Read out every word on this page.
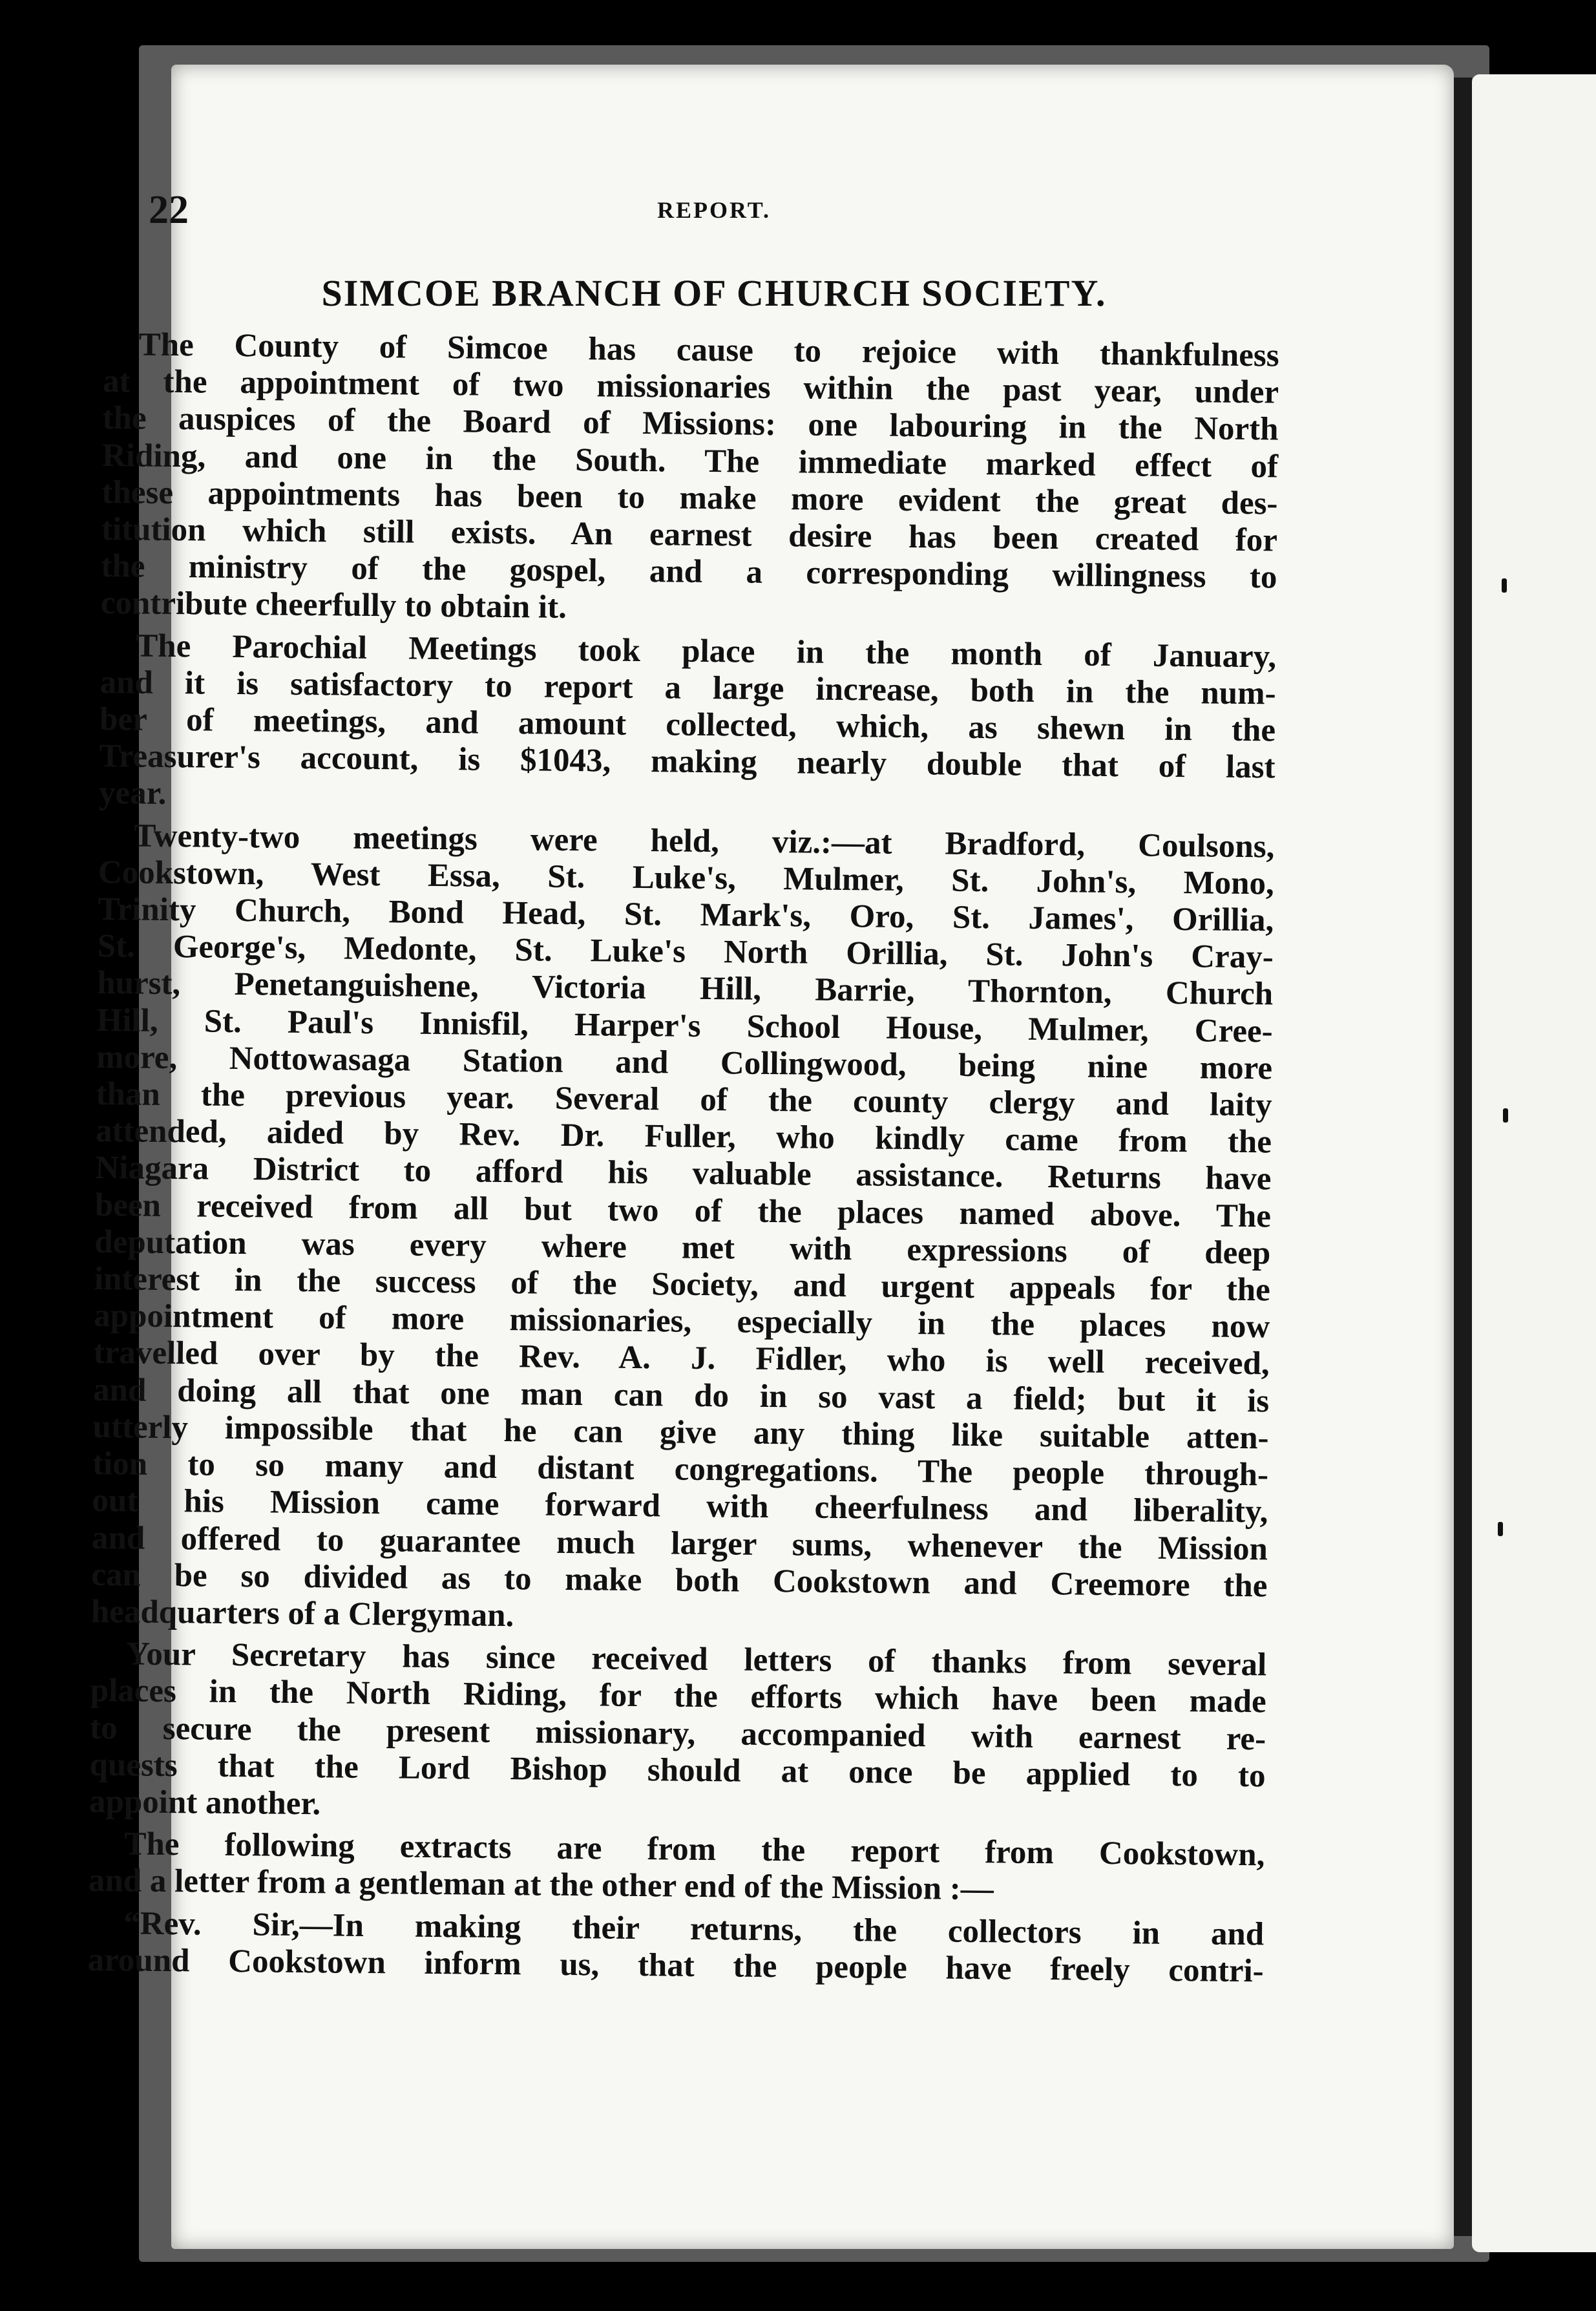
22	REPORT.
SIMCOE BRANCH OF CHURCH SOCIETY.
The County of Simcoe has cause to rejoice with thankfulness
at the appointment of two missionaries within the past year, under
the auspices of the Board of Missions: one labouring in the North
Riding, and one in the South. The immediate marked effect of
these appointments has been to make more evident the great des-
titution which still exists. An earnest desire has been created for
the ministry of the gospel, and a corresponding willingness to
contribute cheerfully to obtain it.
The Parochial Meetings took place in the month of January,
and it is satisfactory to report a large increase, both in the num-
ber of meetings, and amount collected, which, as shewn in the
Treasurer's account, is $1043, making nearly double that of last
year.
Twenty-two meetings were held, viz.:—at Bradford, Coulsons,
Cookstown, West Essa, St. Luke's, Mulmer, St. John's, Mono,
Trinity Church, Bond Head, St. Mark's, Oro, St. James', Orillia,
St. George's, Medonte, St. Luke's North Orillia, St. John's Cray-
hurst, Penetanguishene, Victoria Hill, Barrie, Thornton, Church
Hill, St. Paul's Innisfil, Harper's School House, Mulmer, Cree-
more, Nottowasaga Station and Collingwood, being nine more
than the previous year. Several of the county clergy and laity
attended, aided by Rev. Dr. Fuller, who kindly came from the
Niagara District to afford his valuable assistance. Returns have
been received from all but two of the places named above. The
deputation was every where met with expressions of deep
interest in the success of the Society, and urgent appeals for the
appointment of more missionaries, especially in the places now
travelled over by the Rev. A. J. Fidler, who is well received,
and doing all that one man can do in so vast a field; but it is
utterly impossible that he can give any thing like suitable atten-
tion to so many and distant congregations. The people through-
out his Mission came forward with cheerfulness and liberality,
and offered to guarantee much larger sums, whenever the Mission
can be so divided as to make both Cookstown and Creemore the
headquarters of a Clergyman.
Your Secretary has since received letters of thanks from several
places in the North Riding, for the efforts which have been made
to secure the present missionary, accompanied with earnest re-
quests that the Lord Bishop should at once be applied to to
appoint another.
The following extracts are from the report from Cookstown,
and a letter from a gentleman at the other end of the Mission :—
“Rev. Sir,—In making their returns, the collectors in and
around Cookstown inform us, that the people have freely contri-
